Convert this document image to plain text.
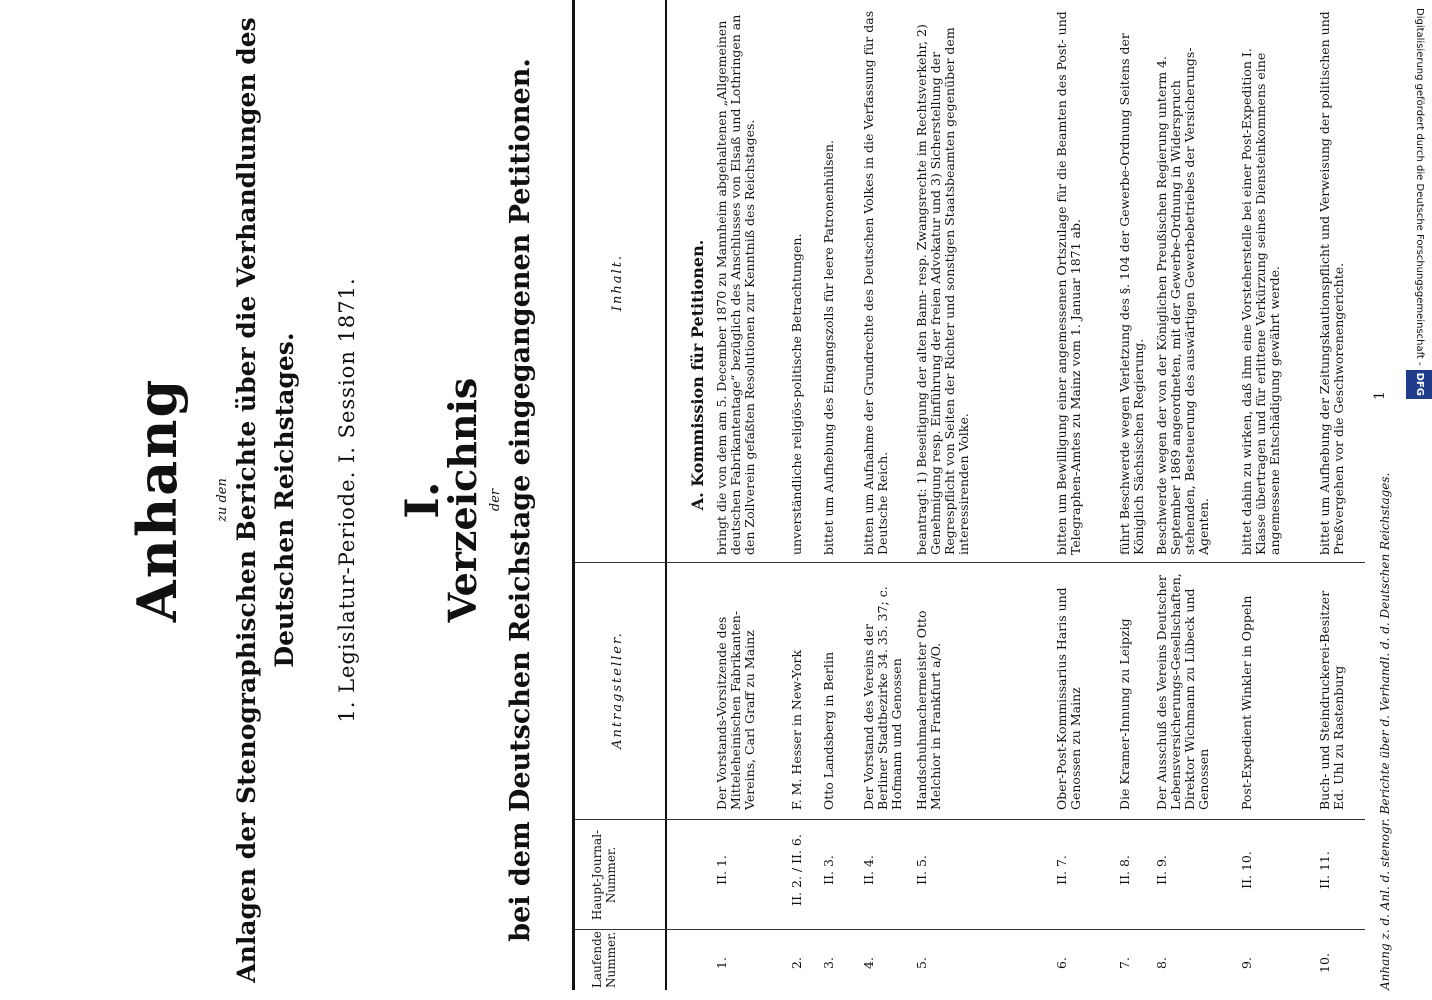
Anhang zu den Anlagen der Stenographischen Berichte über die Verhandlungen des Deutschen Reichstages. 1. Legislatur-Periode. I. Session 1871. I.
Verzeichnis der bei dem Deutschen Reichstage eingegangenen Petitionen.
Laufende Nummer.
Haupt-Journal-Nummer.
Antragsteller.
Inhalt.	A. Kommission für Petitionen.
1.
II. 1.
Der Vorstands-Vorsitzende des Mitteleheinischen Fabrikanten-Vereins, Carl Graff zu Mainz
bringt die von dem am 5. December 1870 zu Mannheim abgehaltenen „Allgemeinen deutschen Fabrikantentage“ bezüglich des Anschlusses von Elsaß und Lothringen an den Zollverein gefaßten Resolutionen zur Kenntniß des Reichstages.
2.
II. 2. / II. 6.
F. M. Hesser in New-York
unverständliche religiös-politische Betrachtungen.
3.
II. 3.
Otto Landsberg in Berlin
bittet um Aufhebung des Eingangszolls für leere Patronenhülsen.
4.
II. 4.
Der Vorstand des Vereins der Berliner Stadtbezirke 34. 35. 37; c. Hofmann und Genossen
bitten um Aufnahme der Grundrechte des Deutschen Volkes in die Verfassung für das Deutsche Reich.
5.
II. 5.
Handschuhmachermeister Otto Melchior in Frankfurt a/O.
beantragt: 1) Beseitigung der alten Bann- resp. Zwangsrechte im Rechtsverkehr, 2) Genehmigung resp. Einführung der freien Advokatur und 3) Sicherstellung der Regrespflicht von Seiten der Richter und sonstigen Staatsbeamten gegenüber dem interessirenden Volke.
6.
II. 7.
Ober-Post-Kommissarius Haris und Genossen zu Mainz
bitten um Bewilligung einer angemessenen Ortszulage für die Beamten des Post- und Telegraphen-Amtes zu Mainz vom 1. Januar 1871 ab.
7.
II. 8.
Die Kramer-Innung zu Leipzig
führt Beschwerde wegen Verletzung des §. 104 der Gewerbe-Ordnung Seitens der Königlich Sächsischen Regierung.
8.
II. 9.
Der Ausschuß des Vereins Deutscher Lebensversicherungs-Gesellschaften, Direktor Wichmann zu Lübeck und Genossen
Beschwerde wegen der von der Königlichen Preußischen Regierung unterm 4. September 1869 angeordneten, mit der Gewerbe-Ordnung in Widerspruch stehenden, Besteuerung des auswärtigen Gewerbebetriebes der Versicherungs-Agenten.
9.
II. 10.
Post-Expedient Winkler in Oppeln
bittet dahin zu wirken, daß ihm eine Vorsteherstelle bei einer Post-Expedition I. Klasse übertragen und für erlittene Verkürzung seines Diensteinkommens eine angemessene Entschädigung gewährt werde.
10.
II. 11.
Buch- und Steindruckerei-Besitzer Ed. Uhl zu Rastenburg
bittet um Aufhebung der Zeitungskautionspflicht und Verweisung der politischen und Preßvergehen vor die Geschworenengerichte.
Anhang z. d. Anl. d. stenogr. Berichte über d. Verhandl. d. d. Deutschen Reichstages.
1
Digitalisierung gefördert durch die Deutsche Forschungsgemeinschaft -DFG
